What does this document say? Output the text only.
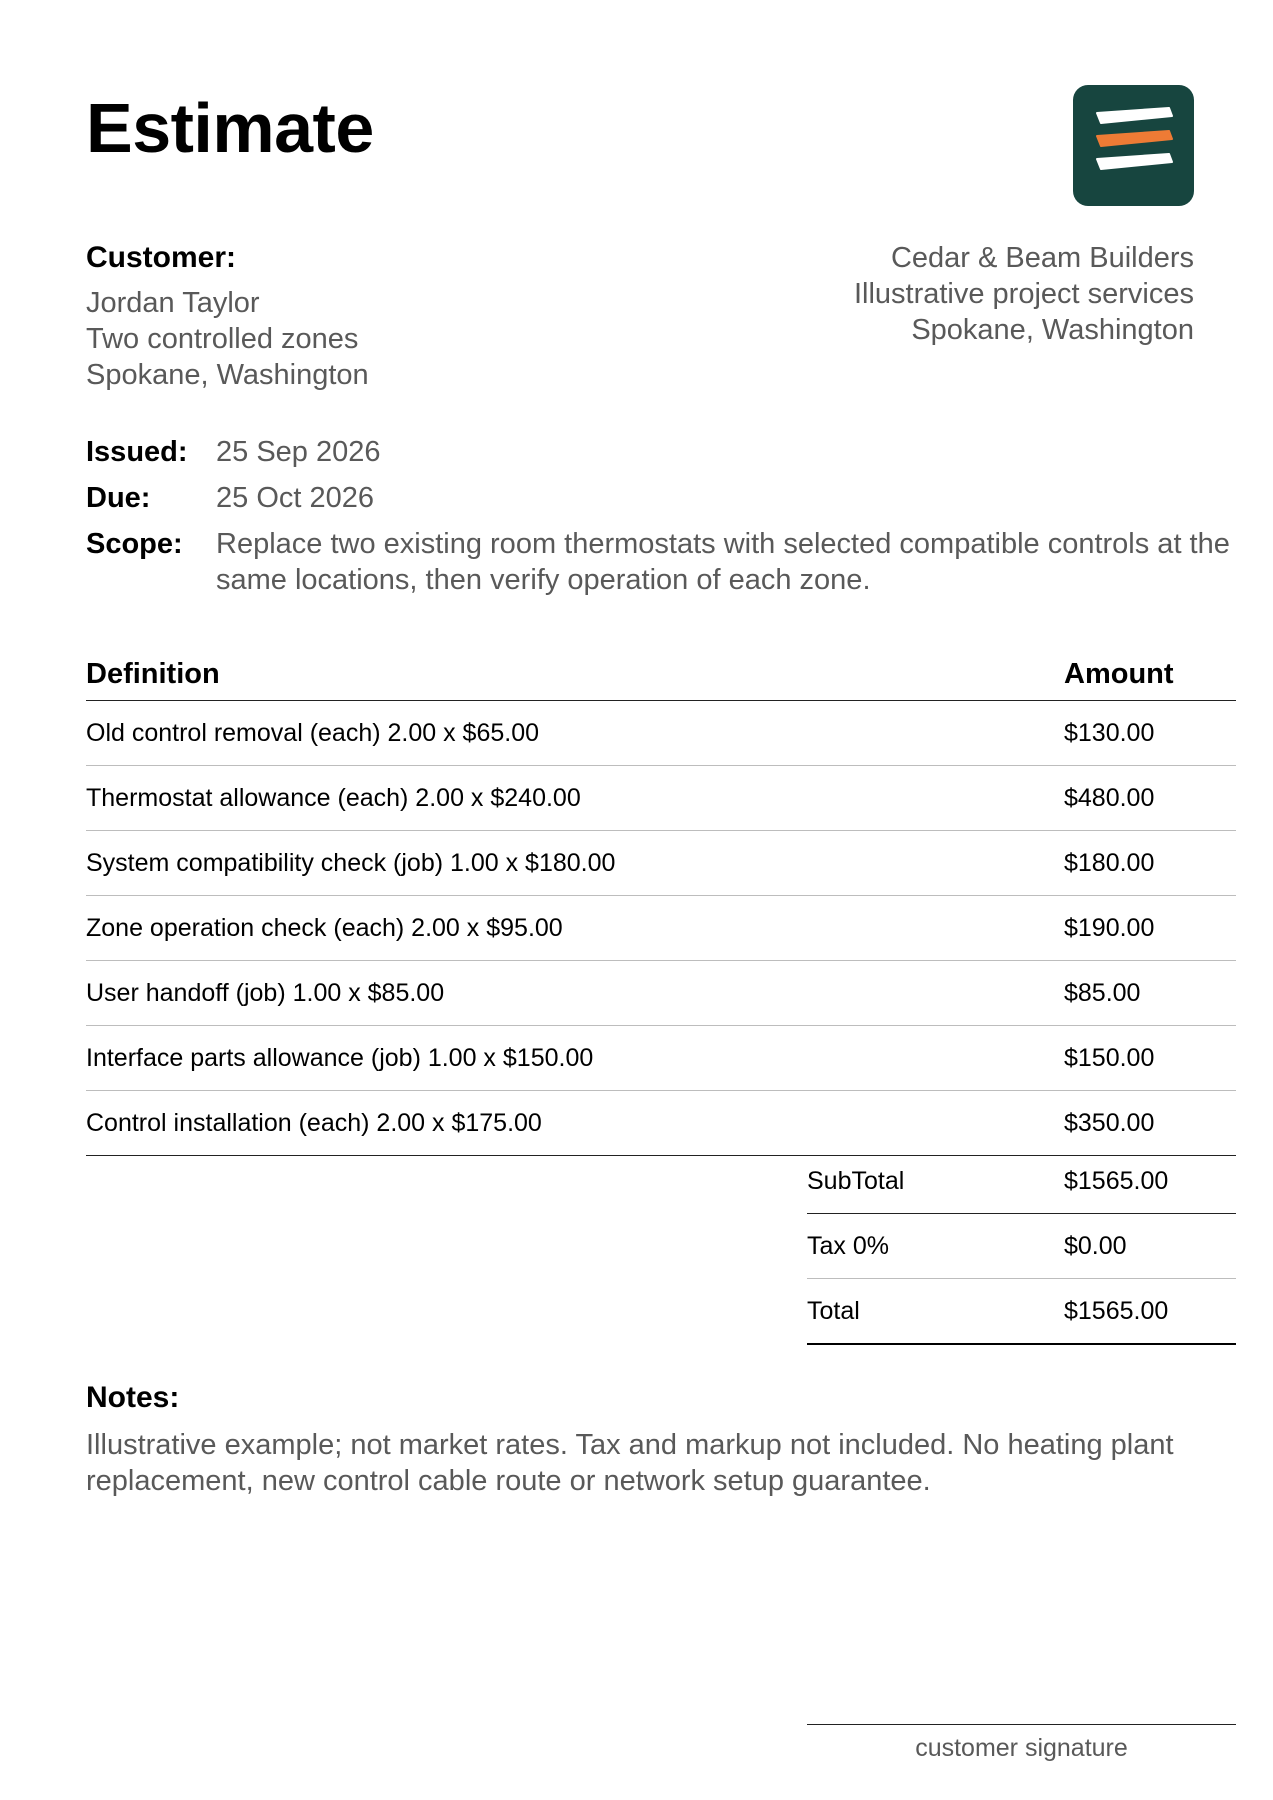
Estimate
Customer:
Jordan Taylor
Two controlled zones
Spokane, Washington
Cedar & Beam Builders
Illustrative project services
Spokane, Washington
Issued: 25 Sep 2026
Due:	25 Oct 2026
Scope:	Replace two existing room thermostats with selected compatible controls at the same locations, then verify operation of each zone.
Definition	Amount
Old control removal (each) 2.00 x $65.00	$130.00
Thermostat allowance (each) 2.00 x $240.00	$480.00
System compatibility check (job) 1.00 x $180.00	$180.00
Zone operation check (each) 2.00 x $95.00	$190.00
User handoff (job) 1.00 x $85.00	$85.00
Interface parts allowance (job) 1.00 x $150.00	$150.00
Control installation (each) 2.00 x $175.00	$350.00
SubTotal	$1565.00
Tax 0%	$0.00
Total	$1565.00
Notes:
Illustrative example; not market rates. Tax and markup not included. No heating plant replacement, new control cable route or network setup guarantee.
customer signature
